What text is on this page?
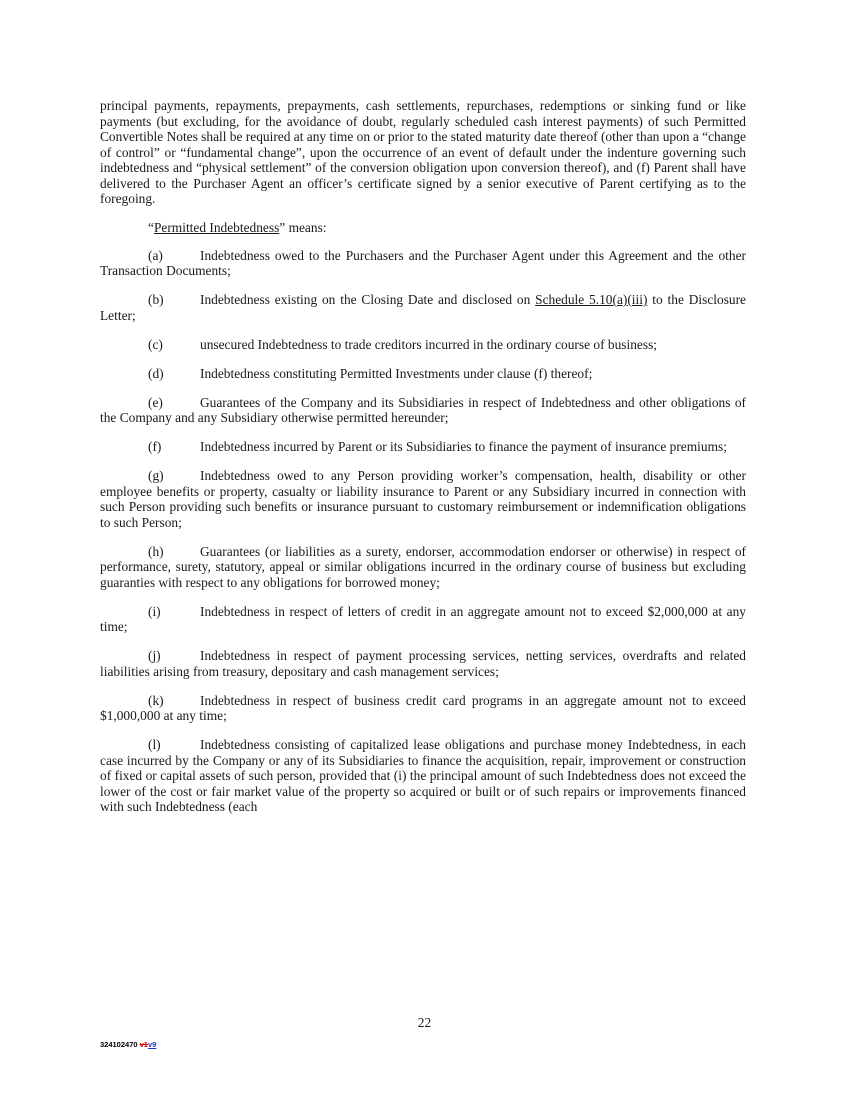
principal payments, repayments, prepayments, cash settlements, repurchases, redemptions or sinking fund or like payments (but excluding, for the avoidance of doubt, regularly scheduled cash interest payments) of such Permitted Convertible Notes shall be required at any time on or prior to the stated maturity date thereof (other than upon a “change of control” or “fundamental change”, upon the occurrence of an event of default under the indenture governing such indebtedness and “physical settlement” of the conversion obligation upon conversion thereof), and (f) Parent shall have delivered to the Purchaser Agent an officer’s certificate signed by a senior executive of Parent certifying as to the foregoing.

“Permitted Indebtedness” means:

(a)	Indebtedness owed to the Purchasers and the Purchaser Agent under this Agreement and the other Transaction Documents;

(b)	Indebtedness existing on the Closing Date and disclosed on Schedule 5.10(a)(iii) to the Disclosure Letter;

(c)	unsecured Indebtedness to trade creditors incurred in the ordinary course of business;

(d)	Indebtedness constituting Permitted Investments under clause (f) thereof;

(e)	Guarantees of the Company and its Subsidiaries in respect of Indebtedness and other obligations of the Company and any Subsidiary otherwise permitted hereunder;

(f)	Indebtedness incurred by Parent or its Subsidiaries to finance the payment of insurance premiums;

(g)	Indebtedness owed to any Person providing worker’s compensation, health, disability or other employee benefits or property, casualty or liability insurance to Parent or any Subsidiary incurred in connection with such Person providing such benefits or insurance pursuant to customary reimbursement or indemnification obligations to such Person;

(h)	Guarantees (or liabilities as a surety, endorser, accommodation endorser or otherwise) in respect of performance, surety, statutory, appeal or similar obligations incurred in the ordinary course of business but excluding guaranties with respect to any obligations for borrowed money;

(i)	Indebtedness in respect of letters of credit in an aggregate amount not to exceed $2,000,000 at any time;

(j)	Indebtedness in respect of payment processing services, netting services, overdrafts and related liabilities arising from treasury, depositary and cash management services;

(k)	Indebtedness in respect of business credit card programs in an aggregate amount not to exceed $1,000,000 at any time;

(l)	Indebtedness consisting of capitalized lease obligations and purchase money Indebtedness, in each case incurred by the Company or any of its Subsidiaries to finance the acquisition, repair, improvement or construction of fixed or capital assets of such person, provided that (i) the principal amount of such Indebtedness does not exceed the lower of the cost or fair market value of the property so acquired or built or of such repairs or improvements financed with such Indebtedness (each

22
324102470 v1v9
